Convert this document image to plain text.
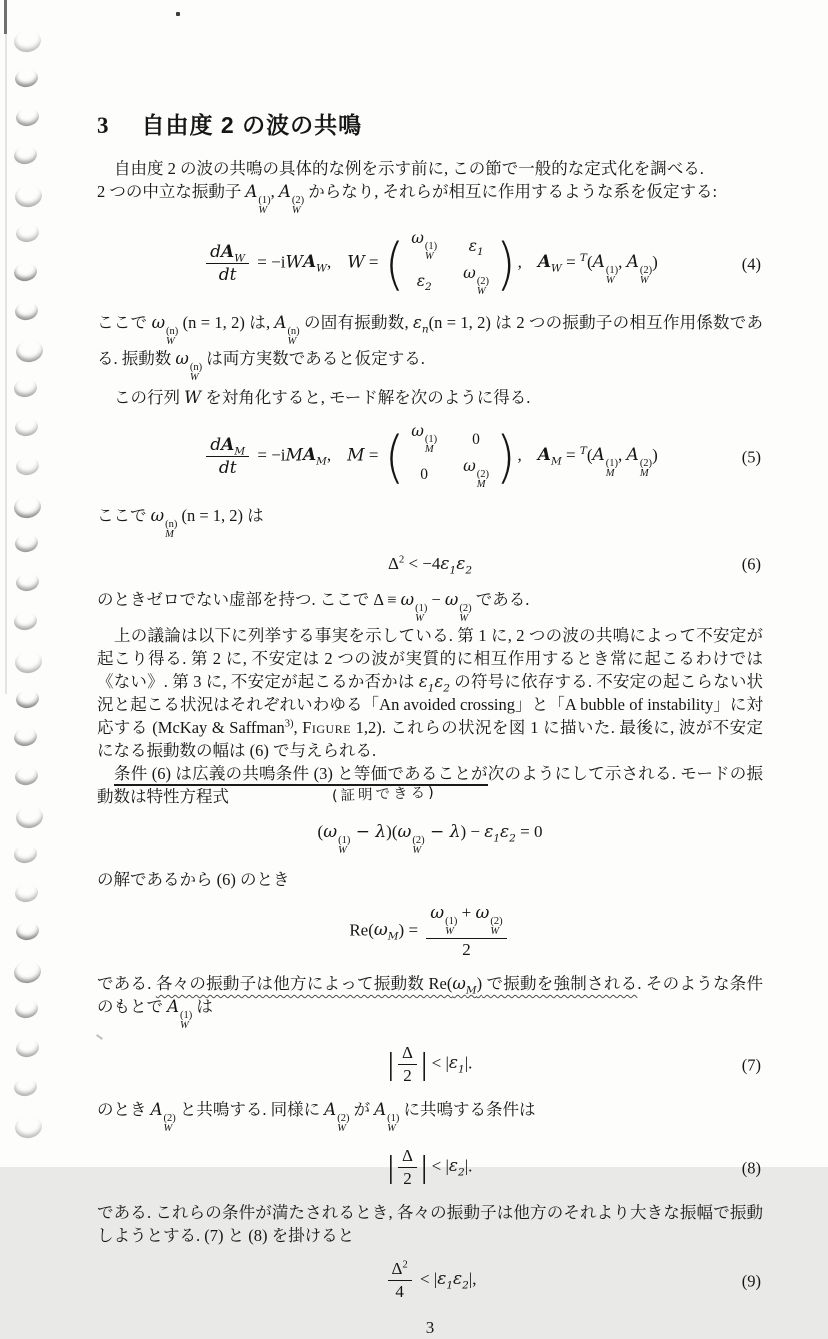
3 自由度 2 の波の共鳴

自由度 2 の波の共鳴の具体的な例を示す前に, この節で一般的な定式化を調べる.

2 つの中立な振動子 A (1)
W
, A (2)
W
からなり, それらが相互に作用するような系を仮定する:

$\frac{dA_W}{dt} = -iWA_W$, W = ( ω (1)
W
$\varepsilon_1$
$\varepsilon_2$
ω (2)
W ) , $A_W = ^T(A$ (1)
W
, A (2)
W
)	(4)

ここで ω (n)
W
(n = 1, 2) は, A (n)
W
の固有振動数, $\varepsilon_n(n = 1$, 2) は 2 つの振動子の相互作用係数である. 振動数 ω (n)
W
は両方実数であると仮定する.

この行列 W を対角化すると, モード解を次のように得る.

$\frac{dA_M}{dt} = -iMA_M$, M = ( ω (1)
M
0
0 ω (2)
M ) , $A_M = ^T(A$ (1)
M
, A (2)
M
)	(5)

ここで ω (n)
M
(n = 1, 2) は

$\Delta^2 < -4\varepsilon_1\varepsilon_2$	(6)

のときゼロでない虚部を持つ. ここで Δ ≡ ω (1)
W
− ω (2)
W
である.

上の議論は以下に列挙する事実を示している. 第 1 に, 2 つの波の共鳴によって不安定が起こり得る. 第 2 に, 不安定は 2 つの波が実質的に相互作用するとき常に起こるわけでは《ない》. 第 3 に, 不安定が起こるか否かは $\varepsilon_1\varepsilon_2$ の符号に依存する. 不安定の起こらない状況と起こる状況はそれぞれいわゆる「An avoided crossing」と「A bubble of instability」に対応する (McKay & Saffman$^{3)}$, Figure 1,2). これらの状況を図 1 に描いた. 最後に, 波が不安定になる振動数の幅は (6) で与えられる.

条件 (6) は広義の共鳴条件 (3) と等価であることが次のようにして示される. モードの振動数は特性方程式	(証明できる)

(ω (1)
W
− λ)(ω (2)
W
− $\lambda) - \varepsilon_1\varepsilon_2 = 0$

の解であるから (6) のとき

$Re(\omega_M) = \omega$ (1)
W
+ ω (2)
W
2

である. 各々の振動子は他方によって振動数 $Re(\omega_M)$ で振動を強制される. そのような条件のもとで A (1)
W
は

| $\frac{\Delta}{2}$ | < $|\varepsilon_1|$.	(7)

のとき A (2)
W
と共鳴する. 同様に A (2)
W
が A (1)
W
に共鳴する条件は

| $\frac{\Delta}{2}$ | < $|\varepsilon_2|$.	(8)

である. これらの条件が満たされるとき, 各々の振動子は他方のそれより大きな振幅で振動しようとする. (7) と (8) を掛けると

$\frac{\Delta^2}{4} < |\varepsilon_1\varepsilon_2|$,	(9)
3
